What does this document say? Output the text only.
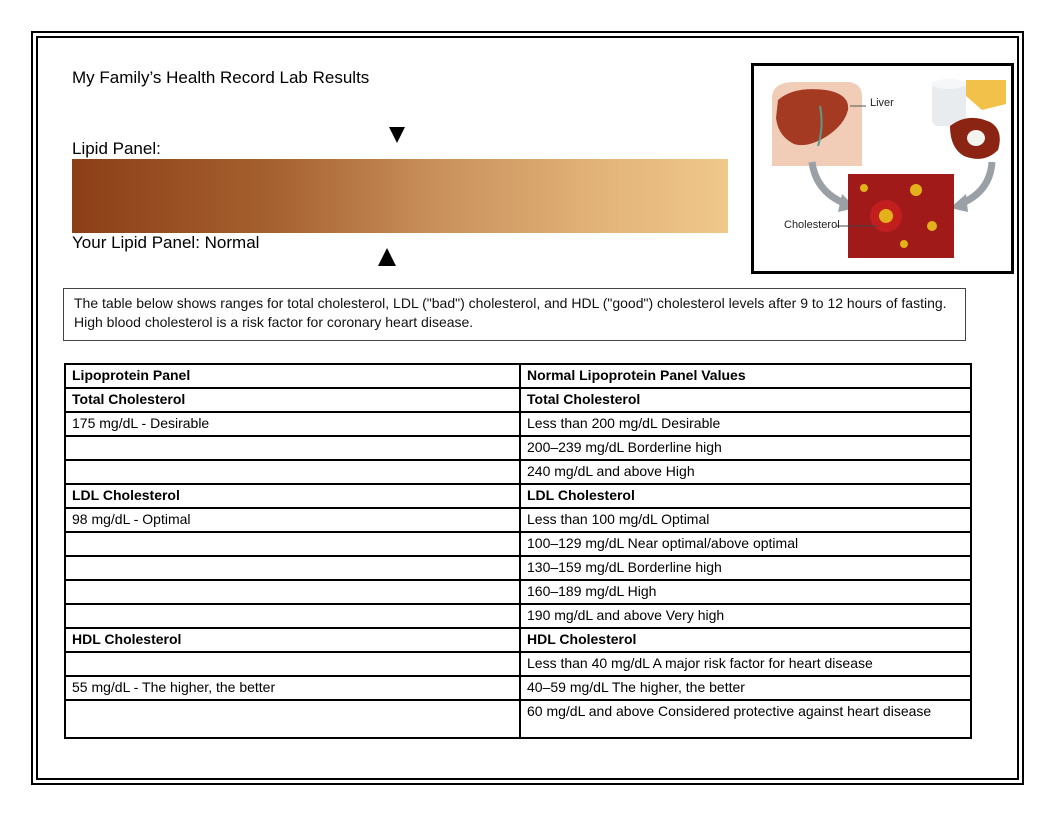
My Family’s Health Record Lab Results
Lipid Panel:
Your Lipid Panel: Normal
Liver
Cholesterol
The table below shows ranges for total cholesterol, LDL ("bad") cholesterol, and HDL ("good") cholesterol levels after 9 to 12 hours of fasting. High blood cholesterol is a risk factor for coronary heart disease.
Lipoprotein Panel	Normal Lipoprotein Panel Values
Total Cholesterol	Total Cholesterol
175 mg/dL - Desirable	Less than 200 mg/dL Desirable
	200–239 mg/dL Borderline high
	240 mg/dL and above High
LDL Cholesterol	LDL Cholesterol
98 mg/dL - Optimal	Less than 100 mg/dL Optimal
	100–129 mg/dL Near optimal/above optimal
	130–159 mg/dL Borderline high
	160–189 mg/dL High
	190 mg/dL and above Very high
HDL Cholesterol	HDL Cholesterol
	Less than 40 mg/dL A major risk factor for heart disease
55 mg/dL - The higher, the better	40–59 mg/dL The higher, the better
	60 mg/dL and above Considered protective against heart disease
